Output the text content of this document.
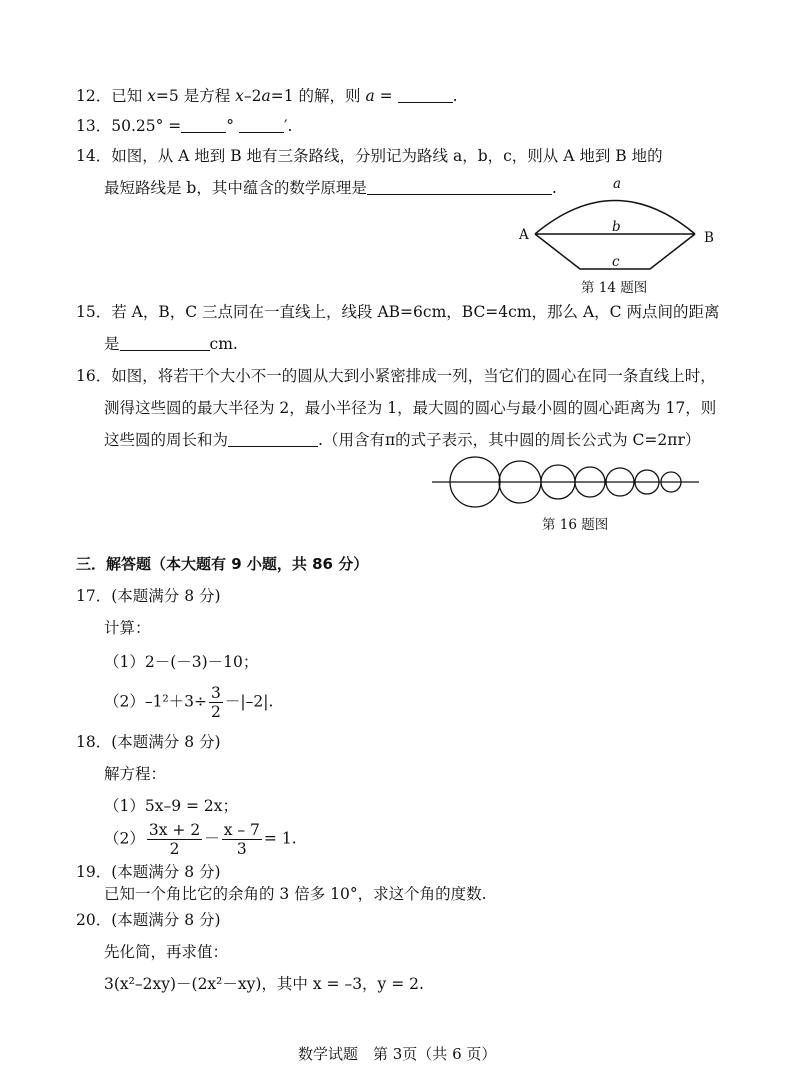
12．已知 x=5 是方程 x–2a=1 的解，则 a =	.
13．50.25° =	°	′.
14．如图，从 A 地到 B 地有三条路线，分别记为路线 a，b，c，则从 A 地到 B 地的
最短路线是 b，其中蕴含的数学原理是	.	a
b
c
A	B
第 14 题图
15．若 A，B，C 三点同在一直线上，线段 AB=6cm，BC=4cm，那么 A，C 两点间的距离
是	cm.
16．如图，将若干个大小不一的圆从大到小紧密排成一列，当它们的圆心在同一条直线上时，
测得这些圆的最大半径为 2，最小半径为 1，最大圆的圆心与最小圆的圆心距离为 17，则
这些圆的周长和为	.（用含有π的式子表示，其中圆的周长公式为 C=2πr）
第 16 题图
三．解答题（本大题有 9 小题，共 86 分）
17．(本题满分 8 分)
计算：
（1）2－(－3)－10；
$(2)-1^2+3\div \frac{3}{2} -|-2|$.
18．(本题满分 8 分)
解方程：
（1）5x–9 = 2x；
$(2) \frac{3x + 2}{2} - \frac{x - 7}{3} = 1$.
19．(本题满分 8 分)
已知一个角比它的余角的 3 倍多 10°，求这个角的度数.
20．(本题满分 8 分)
先化简，再求值：
3(x²–2xy)－(2x²－xy)，其中 x = –3，y = 2.
数学试题　第 3页（共 6 页）
